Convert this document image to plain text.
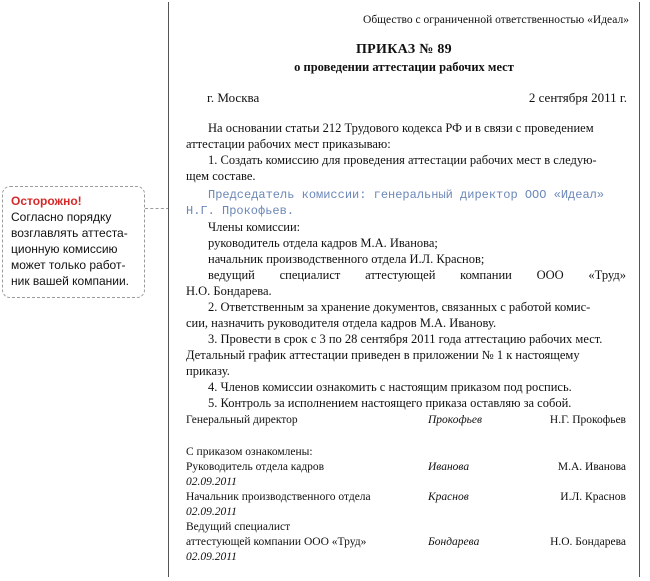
Осторожно!
Согласно порядку
возглавлять аттеста-
ционную комиссию
может только работ-
ник вашей компании.
Общество с ограниченной ответственностью «Идеал»
ПРИКАЗ № 89
о проведении аттестации рабочих мест
г. Москва	2 сентября 2011 г.
На основании статьи 212 Трудового кодекса РФ и в связи с проведением
аттестации рабочих мест приказываю:
1. Создать комиссию для проведения аттестации рабочих мест в следую-
щем составе.
Председатель комиссии: генеральный директор ООО «Идеал»
Н.Г. Прокофьев.
Члены комиссии:
руководитель отдела кадров М.А. Иванова;
начальник производственного отдела И.Л. Краснов;
ведущий специалист аттестующей компании ООО «Труд»
Н.О. Бондарева.
2. Ответственным за хранение документов, связанных с работой комис-
сии, назначить руководителя отдела кадров М.А. Иванову.
3. Провести в срок с 3 по 28 сентября 2011 года аттестацию рабочих мест.
Детальный график аттестации приведен в приложении № 1 к настоящему
приказу.
4. Членов комиссии ознакомить с настоящим приказом под роспись.
5. Контроль за исполнением настоящего приказа оставляю за собой.
Генеральный директор	Прокофьев	Н.Г. Прокофьев
С приказом ознакомлены:
Руководитель отдела кадров	Иванова	М.А. Иванова
02.09.2011
Начальник производственного отдела	Краснов	И.Л. Краснов
02.09.2011
Ведущий специалист
аттестующей компании ООО «Труд»	Бондарева	Н.О. Бондарева
02.09.2011
